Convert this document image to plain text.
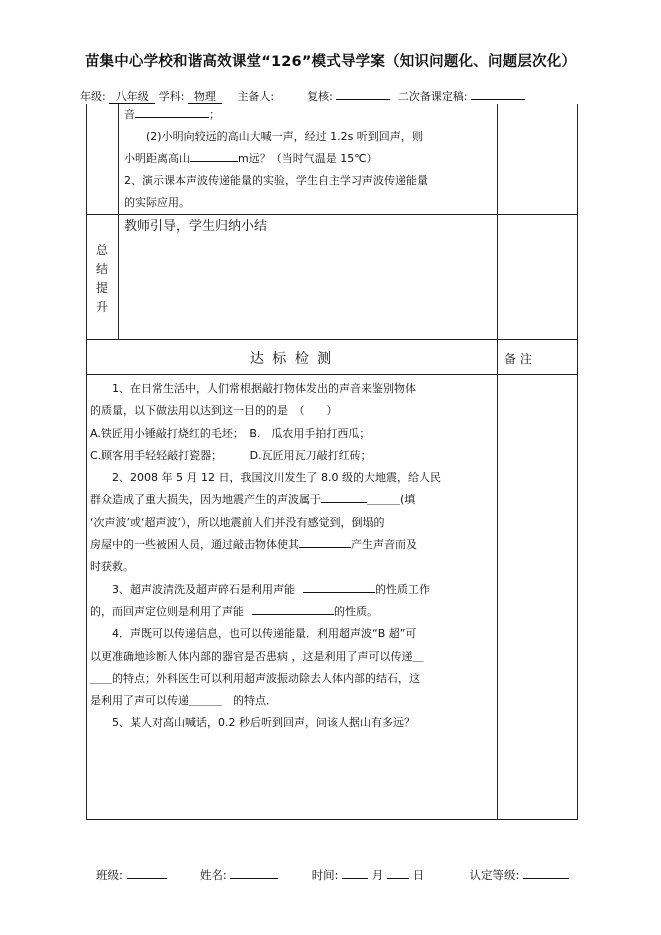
苗集中心学校和谐高效课堂“126”模式导学案（知识问题化、问题层次化）
年级: 八年级 学科: 物理 主备人:	复核:	二次备课定稿:

音	；

(2)小明向较远的高山大喊一声，经过 1.2s 听到回声，则

小明距离高山	m远？（当时气温是 15℃）

2、演示课本声波传递能量的实验，学生自主学习声波传递能量

的实际应用。

总
结
提
升
教师引导，学生归纳小结
达 标 检 测	备 注

1、在日常生活中，人们常根据敲打物体发出的声音来鉴别物体

的质量，以下做法用以达到这一目的的是　（　　）

A.铁匠用小锤敲打烧红的毛坯；　B.　瓜农用手拍打西瓜；

C.顾客用手轻轻敲打瓷器；　　　D.瓦匠用瓦刀敲打红砖；

2、2008 年 5 月 12 日，我国汶川发生了 8.0 级的大地震，给人民

群众造成了重大损失，因为地震产生的声波属于	＿＿＿(填

‘次声波’或‘超声波’），所以地震前人们并没有感觉到，倒塌的

房屋中的一些被困人员，通过敲击物体使其	产生声音而及

时获救。

3、超声波清洗及超声碎石是利用声能	的性质工作

的，而回声定位则是利用了声能	的性质。

4．声既可以传递信息，也可以传递能量．利用超声波“B 超”可

以更准确地诊断人体内部的器官是否患病 ，这是利用了声可以传递＿

＿＿的特点；外科医生可以利用超声波振动除去人体内部的结石，这

是利用了声可以传递＿＿＿　的特点．

5、某人对高山喊话，0.2 秒后听到回声，问该人据山有多远？

班级:	姓名:	时间:	月	日	认定等级:
